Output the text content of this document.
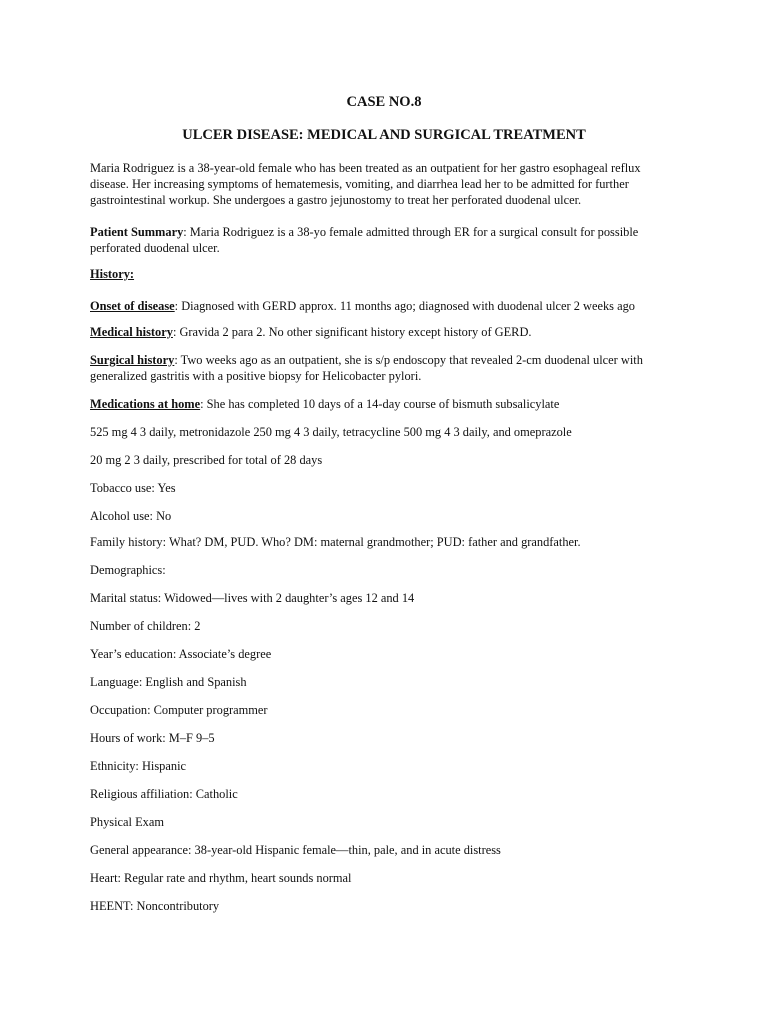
CASE NO.8
ULCER DISEASE: MEDICAL AND SURGICAL TREATMENT

Maria Rodriguez is a 38-year-old female who has been treated as an outpatient for her gastro esophageal reflux disease. Her increasing symptoms of hematemesis, vomiting, and diarrhea lead her to be admitted for further gastrointestinal workup. She undergoes a gastro jejunostomy to treat her perforated duodenal ulcer.

Patient Summary: Maria Rodriguez is a 38-yo female admitted through ER for a surgical consult for possible perforated duodenal ulcer.

History:

Onset of disease: Diagnosed with GERD approx. 11 months ago; diagnosed with duodenal ulcer 2 weeks ago

Medical history: Gravida 2 para 2. No other significant history except history of GERD.

Surgical history: Two weeks ago as an outpatient, she is s/p endoscopy that revealed 2-cm duodenal ulcer with generalized gastritis with a positive biopsy for Helicobacter pylori.

Medications at home: She has completed 10 days of a 14-day course of bismuth subsalicylate

525 mg 4 3 daily, metronidazole 250 mg 4 3 daily, tetracycline 500 mg 4 3 daily, and omeprazole

20 mg 2 3 daily, prescribed for total of 28 days

Tobacco use: Yes

Alcohol use: No

Family history: What? DM, PUD. Who? DM: maternal grandmother; PUD: father and grandfather.

Demographics:

Marital status: Widowed—lives with 2 daughter’s ages 12 and 14

Number of children: 2

Year’s education: Associate’s degree

Language: English and Spanish

Occupation: Computer programmer

Hours of work: M–F 9–5

Ethnicity: Hispanic

Religious affiliation: Catholic

Physical Exam

General appearance: 38-year-old Hispanic female—thin, pale, and in acute distress

Heart: Regular rate and rhythm, heart sounds normal

HEENT: Noncontributory
